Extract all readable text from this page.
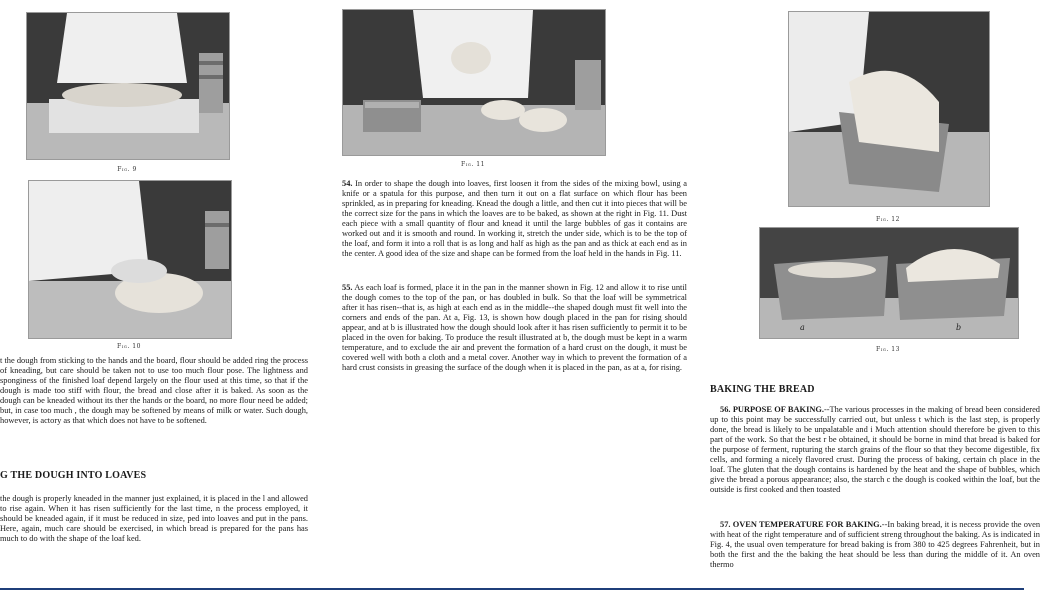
Fig. 9
Fig. 10

t the dough from sticking to the hands and the board, flour should be added ring the process of kneading, but care should be taken not to use too much flour pose. The lightness and sponginess of the finished loaf depend largely on the flour used at this time, so that if the dough is made too stiff with flour, the bread and close after it is baked. As soon as the dough can be kneaded without its ther the hands or the board, no more flour need be added; but, in case too much , the dough may be softened by means of milk or water. Such dough, however, is actory as that which does not have to be softened.

G THE DOUGH INTO LOAVES

the dough is properly kneaded in the manner just explained, it is placed in the l and allowed to rise again. When it has risen sufficiently for the last time, n the process employed, it should be kneaded again, if it must be reduced in size, ped into loaves and put in the pans. Here, again, much care should be exercised, in which bread is prepared for the pans has much to do with the shape of the loaf ked.

Fig. 11

54. In order to shape the dough into loaves, first loosen it from the sides of the mixing bowl, using a knife or a spatula for this purpose, and then turn it out on a flat surface on which flour has been sprinkled, as in preparing for kneading. Knead the dough a little, and then cut it into pieces that will be the correct size for the pans in which the loaves are to be baked, as shown at the right in Fig. 11. Dust each piece with a small quantity of flour and knead it until the large bubbles of gas it contains are worked out and it is smooth and round. In working it, stretch the under side, which is to be the top of the loaf, and form it into a roll that is as long and half as high as the pan and as thick at each end as in the center. A good idea of the size and shape can be formed from the loaf held in the hands in Fig. 11.

55. As each loaf is formed, place it in the pan in the manner shown in Fig. 12 and allow it to rise until the dough comes to the top of the pan, or has doubled in bulk. So that the loaf will be symmetrical after it has risen--that is, as high at each end as in the middle--the shaped dough must fit well into the corners and ends of the pan. At a, Fig. 13, is shown how dough placed in the pan for rising should appear, and at b is illustrated how the dough should look after it has risen sufficiently to permit it to be placed in the oven for baking. To produce the result illustrated at b, the dough must be kept in a warm temperature, and to exclude the air and prevent the formation of a hard crust on the dough, it must be covered well with both a cloth and a metal cover. Another way in which to prevent the formation of a hard crust consists in greasing the surface of the dough when it is placed in the pan, as at a, for rising.

Fig. 12
a	b
Fig. 13
BAKING THE BREAD

56. PURPOSE OF BAKING.--The various processes in the making of bread been considered up to this point may be successfully carried out, but unless t which is the last step, is properly done, the bread is likely to be unpalatable and i Much attention should therefore be given to this part of the work. So that the best r be obtained, it should be borne in mind that bread is baked for the purpose of ferment, rupturing the starch grains of the flour so that they become digestible, fix cells, and forming a nicely flavored crust. During the process of baking, certain ch place in the loaf. The gluten that the dough contains is hardened by the heat and the shape of bubbles, which give the bread a porous appearance; also, the starch c the dough is cooked within the loaf, but the outside is first cooked and then toasted

57. OVEN TEMPERATURE FOR BAKING.--In baking bread, it is necess provide the oven with heat of the right temperature and of sufficient streng throughout the baking. As is indicated in Fig. 4, the usual oven temperature for bread baking is from 380 to 425 degrees Fahrenheit, but in both the first and the the baking the heat should be less than during the middle of it. An oven thermo
